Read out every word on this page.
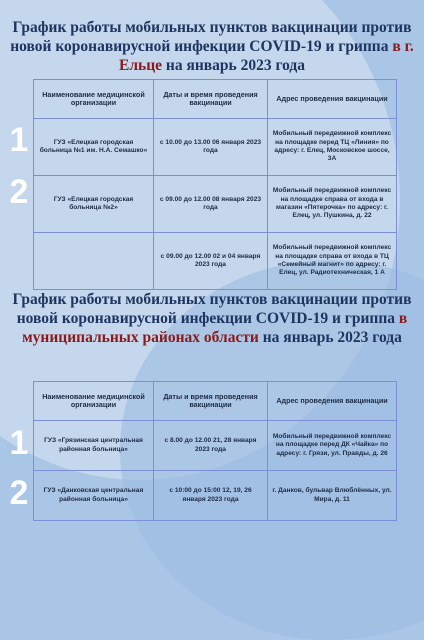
График работы мобильных пунктов вакцинации против новой коронавирусной инфекции COVID-19 и гриппа в г. Ельце на январь 2023 года
1
2
Наименование медицинской организации	Даты и время проведения вакцинации	Адрес проведения вакцинации
ГУЗ «Елецкая городская больница №1 им. Н.А. Семашко»	с 10.00 до 13.00 06 января 2023 года	Мобильный передвижной комплекс на площадке перед ТЦ «Линия» по адресу: г. Елец, Московское шоссе, 3А
ГУЗ «Елецкая городская больница №2»	с 09.00 до 12.00 08 января 2023 года	Мобильный передвижной комплекс на площадке справа от входа в магазин «Пятерочка» по адресу: г. Елец, ул. Пушкина, д. 22
	с 09.00 до 12.00 02 и 04 января 2023 года	Мобильный передвижной комплекс на площадке справа от входа в ТЦ «Семейный магнит» по адресу: г. Елец, ул. Радиотехническая, 1 А
График работы мобильных пунктов вакцинации против новой коронавирусной инфекции COVID-19 и гриппа в муниципальных районах области на январь 2023 года
1
2
Наименование медицинской организации	Даты и время проведения вакцинации	Адрес проведения вакцинации
ГУЗ «Грязинская центральная районная больница»	с 8.00 до 12.00 21, 28 января 2023 года	Мобильный передвижной комплекс на площадке перед ДК «Чайка» по адресу: г. Грязи, ул. Правды, д. 26
ГУЗ «Данковская центральная районная больница»	с 10:00 до 15:00 12, 19, 26 января 2023 года	г. Данков, бульвар Влюблённых, ул. Мира, д. 11
